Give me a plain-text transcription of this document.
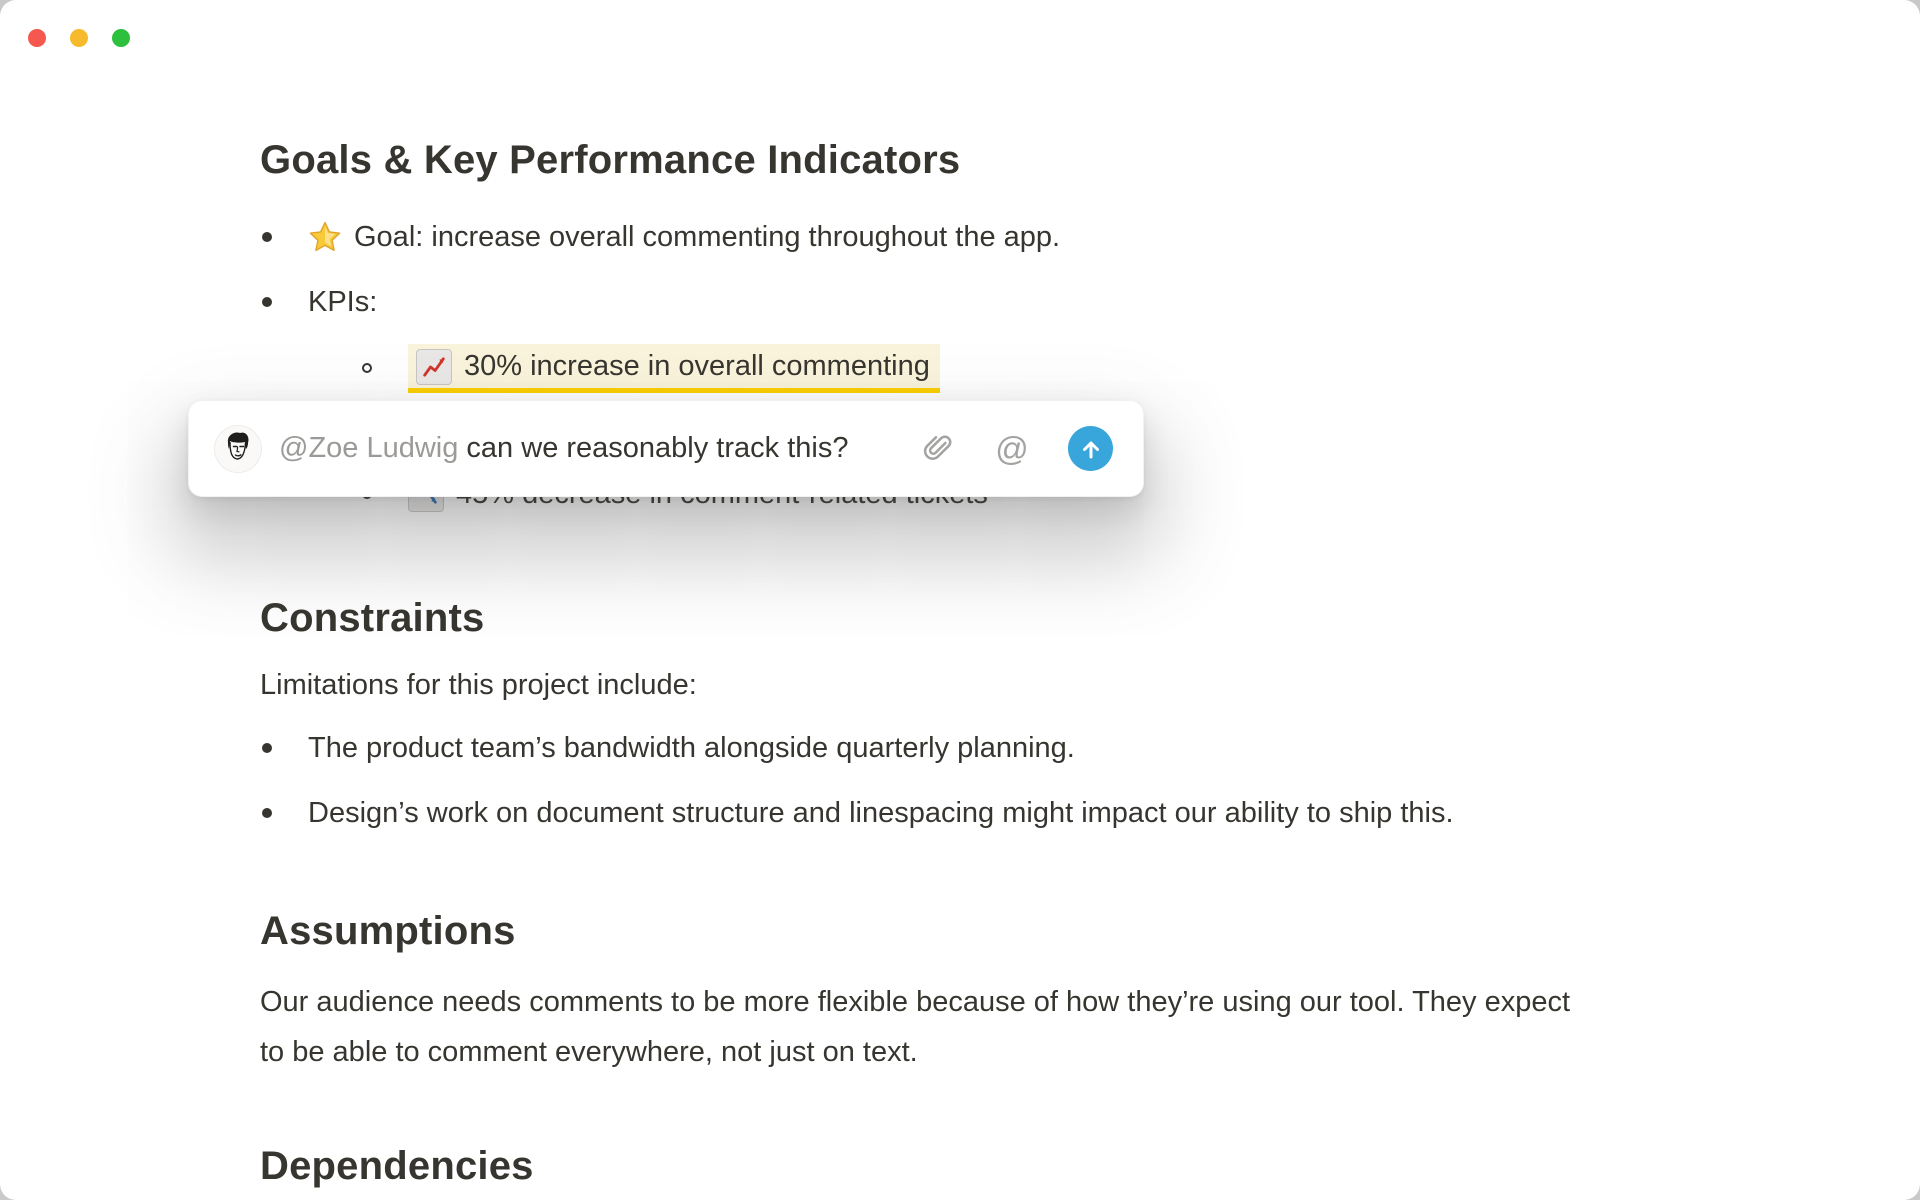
Goals & Key Performance Indicators
Goal: increase overall commenting throughout the app.
KPIs:
30% increase in overall commenting
@Zoe Ludwig can we reasonably track this?	@
Constraints

Limitations for this project include:

The product team’s bandwidth alongside quarterly planning.
Design’s work on document structure and linespacing might impact our ability to ship this.
Assumptions

Our audience needs comments to be more flexible because of how they’re using our tool. They expect to be able to comment everywhere, not just on text.

Dependencies
